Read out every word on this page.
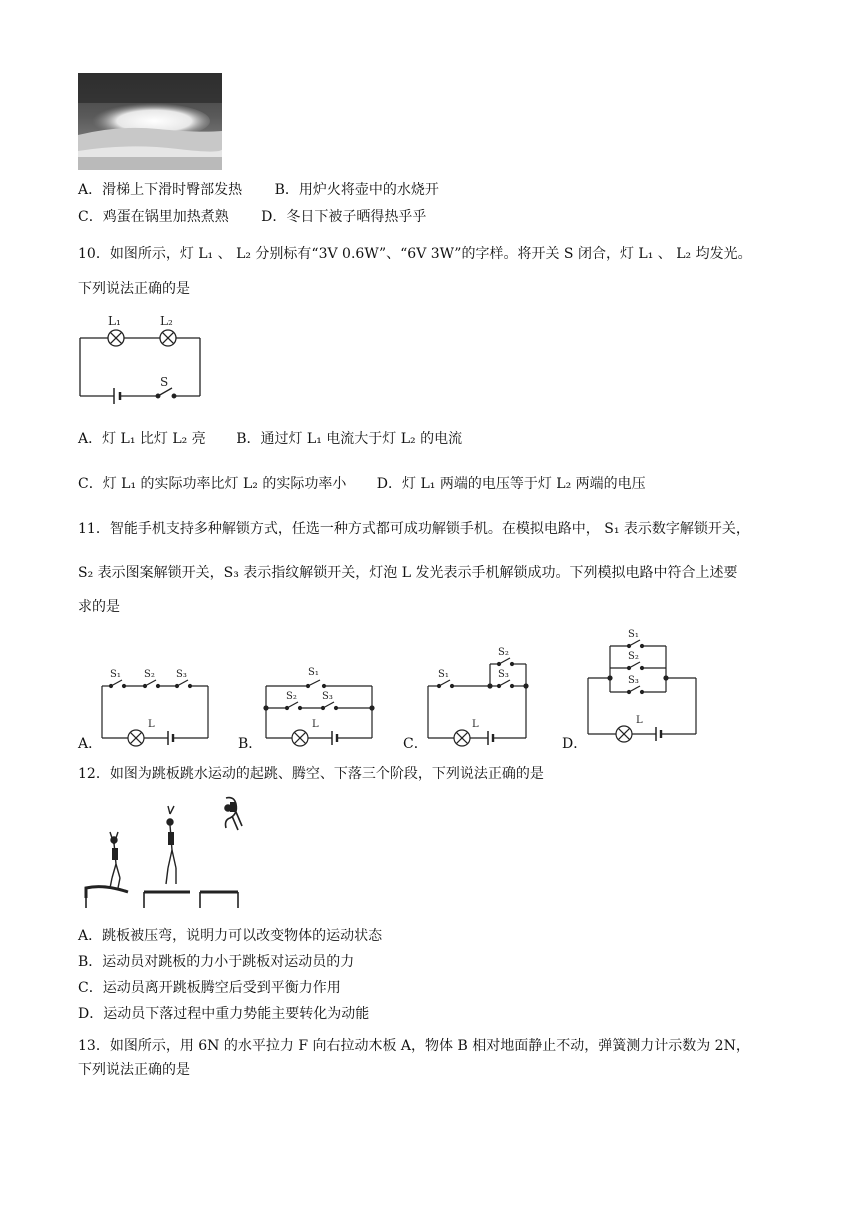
A．滑梯上下滑时臀部发热 B．用炉火将壶中的水烧开
C．鸡蛋在锅里加热煮熟 D．冬日下被子晒得热乎乎
10．如图所示，灯 L₁ 、 L₂ 分别标有“3V 0.6W”、“6V 3W”的字样。将开关 S 闭合，灯 L₁ 、 L₂ 均发光。
下列说法正确的是
L₁	L₂
S
A．灯 L₁ 比灯 L₂ 亮 B．通过灯 L₁ 电流大于灯 L₂ 的电流
C．灯 L₁ 的实际功率比灯 L₂ 的实际功率小 D．灯 L₁ 两端的电压等于灯 L₂ 两端的电压
11．智能手机支持多种解锁方式，任选一种方式都可成功解锁手机。在模拟电路中， S₁ 表示数字解锁开关，
S₂ 表示图案解锁开关，S₃ 表示指纹解锁开关，灯泡 L 发光表示手机解锁成功。下列模拟电路中符合上述要
求的是
A．	B．	C．	D．
S₁ S₂ S₃
L
S₁
S₂	S₃
L
S₁
S₂
S₃
L
S₁
S₂
S₃
L
12．如图为跳板跳水运动的起跳、腾空、下落三个阶段，下列说法正确的是
A．跳板被压弯，说明力可以改变物体的运动状态
B．运动员对跳板的力小于跳板对运动员的力
C．运动员离开跳板腾空后受到平衡力作用
D．运动员下落过程中重力势能主要转化为动能
13．如图所示，用 6N 的水平拉力 F 向右拉动木板 A，物体 B 相对地面静止不动，弹簧测力计示数为 2N，
下列说法正确的是
